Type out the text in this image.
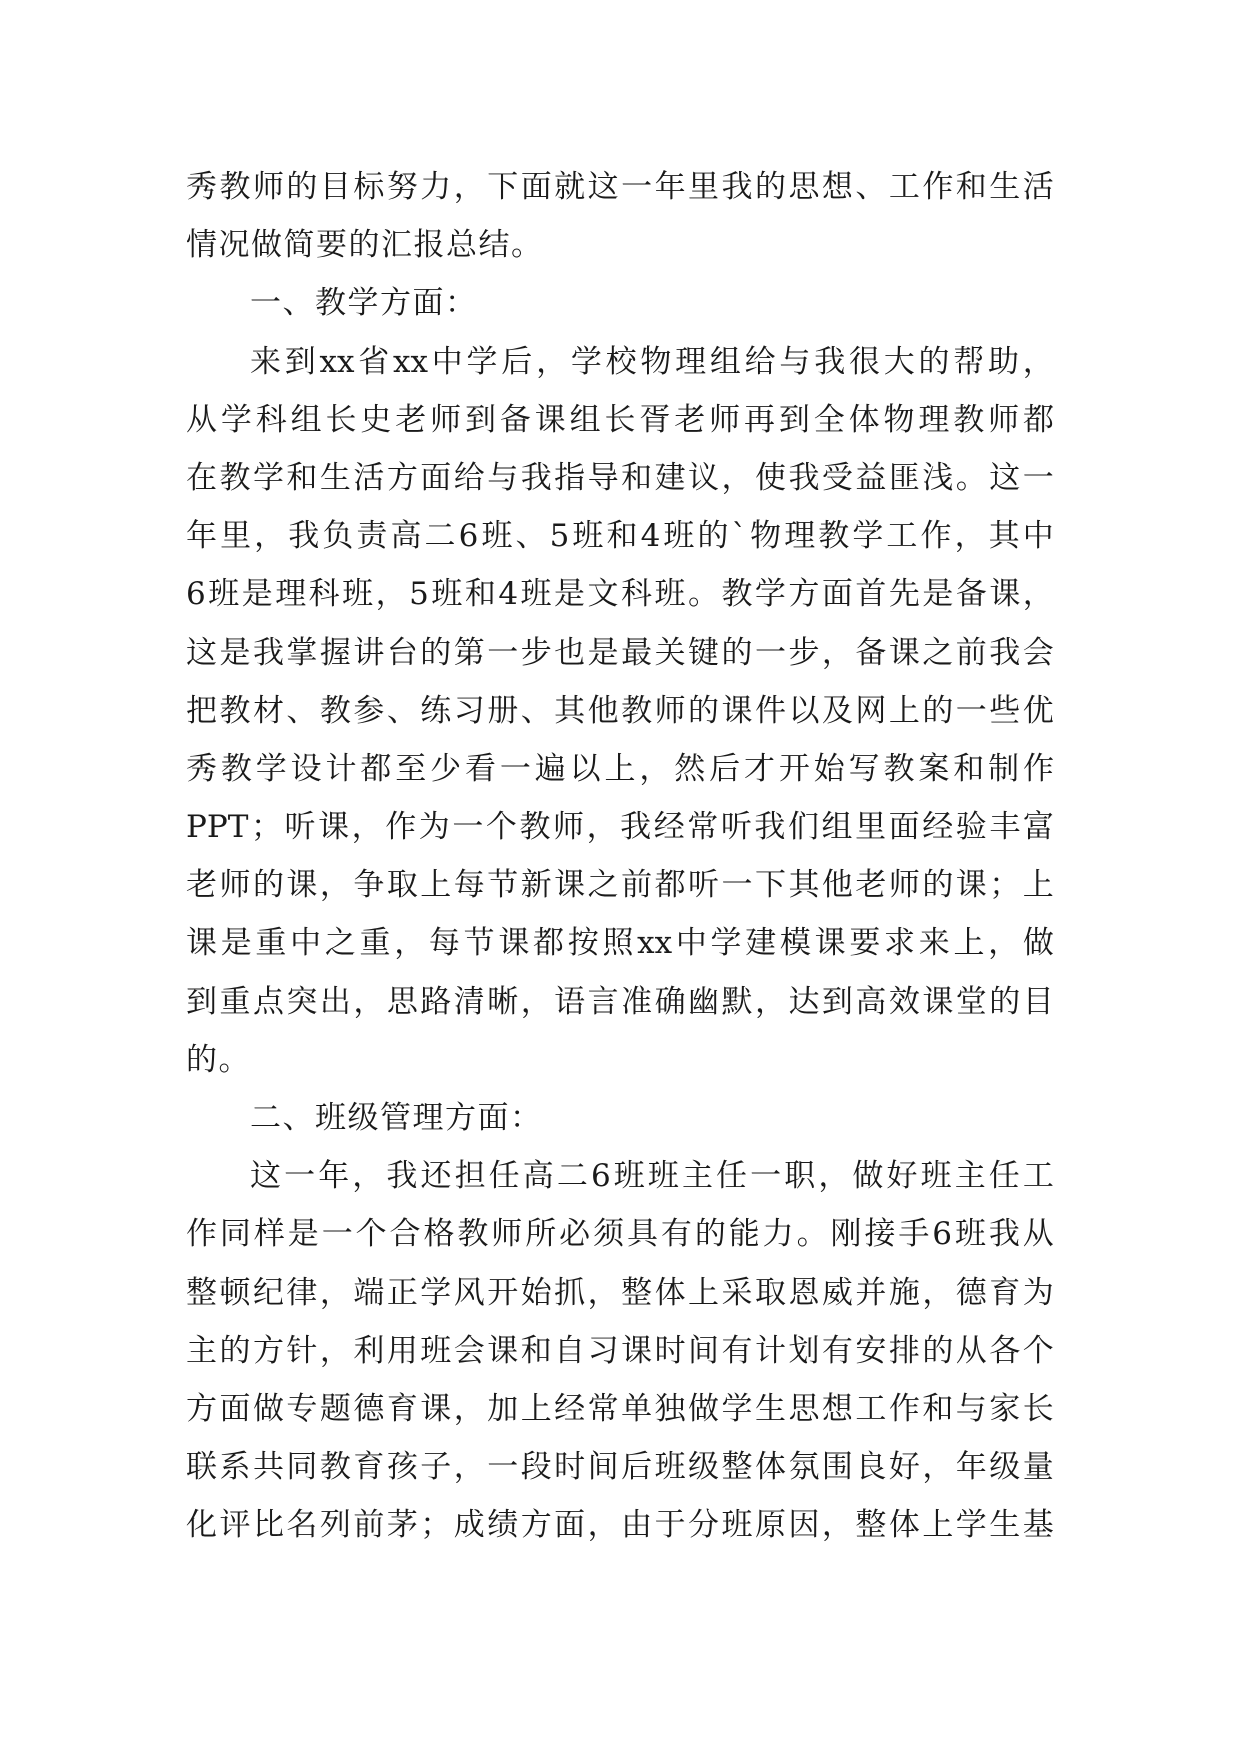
秀 教 师 的 目 标 努 力 ， 下 面 就 这 一 年 里 我 的 思 想 、 工 作 和 生 活
情 况 做 简 要 的 汇 报 总 结 。
一 、 教 学 方 面 ：
来 到 xx 省 xx 中 学 后 ， 学 校 物 理 组 给 与 我 很 大 的 帮 助 ，
从 学 科 组 长 史 老 师 到 备 课 组 长 胥 老 师 再 到 全 体 物 理 教 师 都
在 教 学 和 生 活 方 面 给 与 我 指 导 和 建 议 ， 使 我 受 益 匪 浅 。 这 一
年 里 ， 我 负 责 高 二 6 班 、 5 班 和 4 班 的 ` 物 理 教 学 工 作 ， 其 中
6 班 是 理 科 班 ， 5 班 和 4 班 是 文 科 班 。 教 学 方 面 首 先 是 备 课 ，
这 是 我 掌 握 讲 台 的 第 一 步 也 是 最 关 键 的 一 步 ， 备 课 之 前 我 会
把 教 材 、 教 参 、 练 习 册 、 其 他 教 师 的 课 件 以 及 网 上 的 一 些 优
秀 教 学 设 计 都 至 少 看 一 遍 以 上 ， 然 后 才 开 始 写 教 案 和 制 作
PPT ； 听 课 ， 作 为 一 个 教 师 ， 我 经 常 听 我 们 组 里 面 经 验 丰 富
老 师 的 课 ， 争 取 上 每 节 新 课 之 前 都 听 一 下 其 他 老 师 的 课 ； 上
课 是 重 中 之 重 ， 每 节 课 都 按 照 xx 中 学 建 模 课 要 求 来 上 ， 做
到 重 点 突 出 ， 思 路 清 晰 ， 语 言 准 确 幽 默 ， 达 到 高 效 课 堂 的 目
的 。
二 、 班 级 管 理 方 面 ：
这 一 年 ， 我 还 担 任 高 二 6 班 班 主 任 一 职 ， 做 好 班 主 任 工
作 同 样 是 一 个 合 格 教 师 所 必 须 具 有 的 能 力 。 刚 接 手 6 班 我 从
整 顿 纪 律 ， 端 正 学 风 开 始 抓 ， 整 体 上 采 取 恩 威 并 施 ， 德 育 为
主 的 方 针 ， 利 用 班 会 课 和 自 习 课 时 间 有 计 划 有 安 排 的 从 各 个
方 面 做 专 题 德 育 课 ， 加 上 经 常 单 独 做 学 生 思 想 工 作 和 与 家 长
联 系 共 同 教 育 孩 子 ， 一 段 时 间 后 班 级 整 体 氛 围 良 好 ， 年 级 量
化 评 比 名 列 前 茅 ； 成 绩 方 面 ， 由 于 分 班 原 因 ， 整 体 上 学 生 基
